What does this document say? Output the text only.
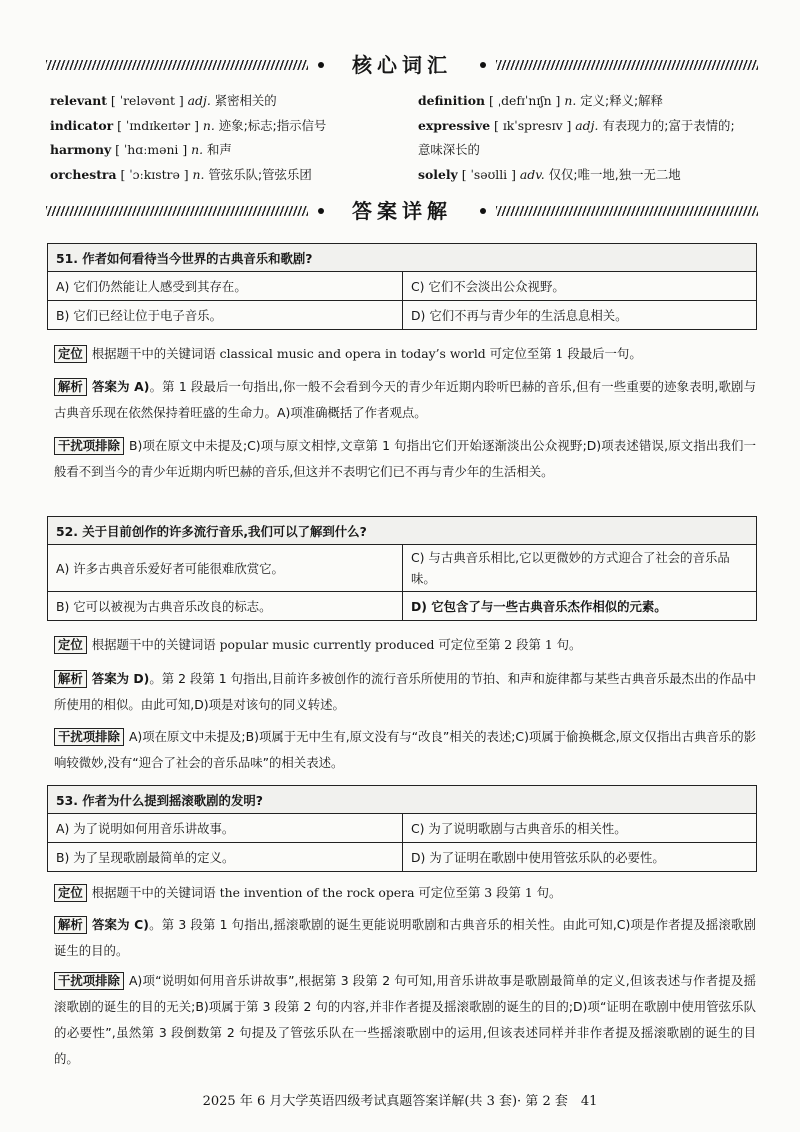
核心词汇
relevant [ ˈreləvənt ] adj. 紧密相关的
indicator [ ˈɪndɪkeɪtər ] n. 迹象;标志;指示信号
harmony [ ˈhɑːməni ] n. 和声
orchestra [ ˈɔːkɪstrə ] n. 管弦乐队;管弦乐团
definition [ ˌdefɪˈnɪʃn ] n. 定义;释义;解释
expressive [ ɪkˈspresɪv ] adj. 有表现力的;富于表情的;
意味深长的
solely [ ˈsəʊlli ] adv. 仅仅;唯一地,独一无二地
答案详解
51. 作者如何看待当今世界的古典音乐和歌剧?	
A) 它们仍然能让人感受到其存在。	C) 它们不会淡出公众视野。
B) 它们已经让位于电子音乐。	D) 它们不再与青少年的生活息息相关。
定位 根据题干中的关键词语 classical music and opera in today’s world 可定位至第 1 段最后一句。
解析 答案为 A)。第 1 段最后一句指出,你一般不会看到今天的青少年近期内聆听巴赫的音乐,但有一些重要的迹象表明,歌剧与古典音乐现在依然保持着旺盛的生命力。A)项准确概括了作者观点。
干扰项排除 B)项在原文中未提及;C)项与原文相悖,文章第 1 句指出它们开始逐渐淡出公众视野;D)项表述错误,原文指出我们一般看不到当今的青少年近期内听巴赫的音乐,但这并不表明它们已不再与青少年的生活相关。
52. 关于目前创作的许多流行音乐,我们可以了解到什么?	
A) 许多古典音乐爱好者可能很难欣赏它。	C) 与古典音乐相比,它以更微妙的方式迎合了社会的音乐品味。
B) 它可以被视为古典音乐改良的标志。	D) 它包含了与一些古典音乐杰作相似的元素。
定位 根据题干中的关键词语 popular music currently produced 可定位至第 2 段第 1 句。
解析 答案为 D)。第 2 段第 1 句指出,目前许多被创作的流行音乐所使用的节拍、和声和旋律都与某些古典音乐最杰出的作品中所使用的相似。由此可知,D)项是对该句的同义转述。
干扰项排除 A)项在原文中未提及;B)项属于无中生有,原文没有与“改良”相关的表述;C)项属于偷换概念,原文仅指出古典音乐的影响较微妙,没有“迎合了社会的音乐品味”的相关表述。
53. 作者为什么提到摇滚歌剧的发明?	
A) 为了说明如何用音乐讲故事。	C) 为了说明歌剧与古典音乐的相关性。
B) 为了呈现歌剧最简单的定义。	D) 为了证明在歌剧中使用管弦乐队的必要性。
定位 根据题干中的关键词语 the invention of the rock opera 可定位至第 3 段第 1 句。
解析 答案为 C)。第 3 段第 1 句指出,摇滚歌剧的诞生更能说明歌剧和古典音乐的相关性。由此可知,C)项是作者提及摇滚歌剧诞生的目的。
干扰项排除 A)项“说明如何用音乐讲故事”,根据第 3 段第 2 句可知,用音乐讲故事是歌剧最简单的定义,但该表述与作者提及摇滚歌剧的诞生的目的无关;B)项属于第 3 段第 2 句的内容,并非作者提及摇滚歌剧的诞生的目的;D)项“证明在歌剧中使用管弦乐队的必要性”,虽然第 3 段倒数第 2 句提及了管弦乐队在一些摇滚歌剧中的运用,但该表述同样并非作者提及摇滚歌剧的诞生的目的。
2025 年 6 月大学英语四级考试真题答案详解(共 3 套)· 第 2 套　41
